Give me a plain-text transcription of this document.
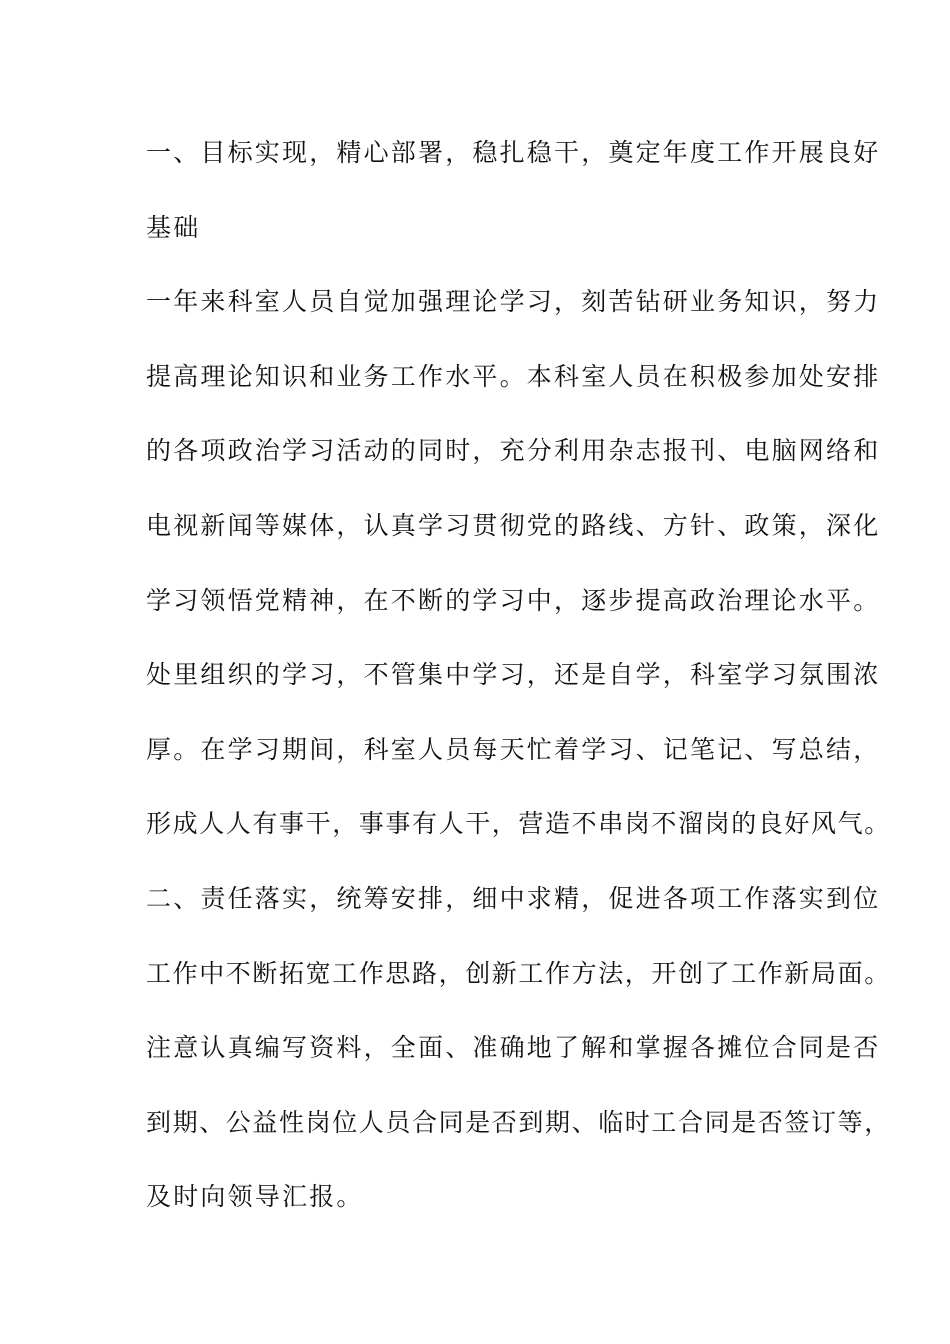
一、目标实现，精心部署，稳扎稳干，奠定年度工作开展良好
基础
一年来科室人员自觉加强理论学习，刻苦钻研业务知识，努力
提高理论知识和业务工作水平。本科室人员在积极参加处安排
的各项政治学习活动的同时，充分利用杂志报刊、电脑网络和
电视新闻等媒体，认真学习贯彻党的路线、方针、政策，深化
学习领悟党精神，在不断的学习中，逐步提高政治理论水平。
处里组织的学习，不管集中学习，还是自学，科室学习氛围浓
厚。在学习期间，科室人员每天忙着学习、记笔记、写总结，
形成人人有事干，事事有人干，营造不串岗不溜岗的良好风气。
二、责任落实，统筹安排，细中求精，促进各项工作落实到位
工作中不断拓宽工作思路，创新工作方法，开创了工作新局面。
注意认真编写资料，全面、准确地了解和掌握各摊位合同是否
到期、公益性岗位人员合同是否到期、临时工合同是否签订等，
及时向领导汇报。
